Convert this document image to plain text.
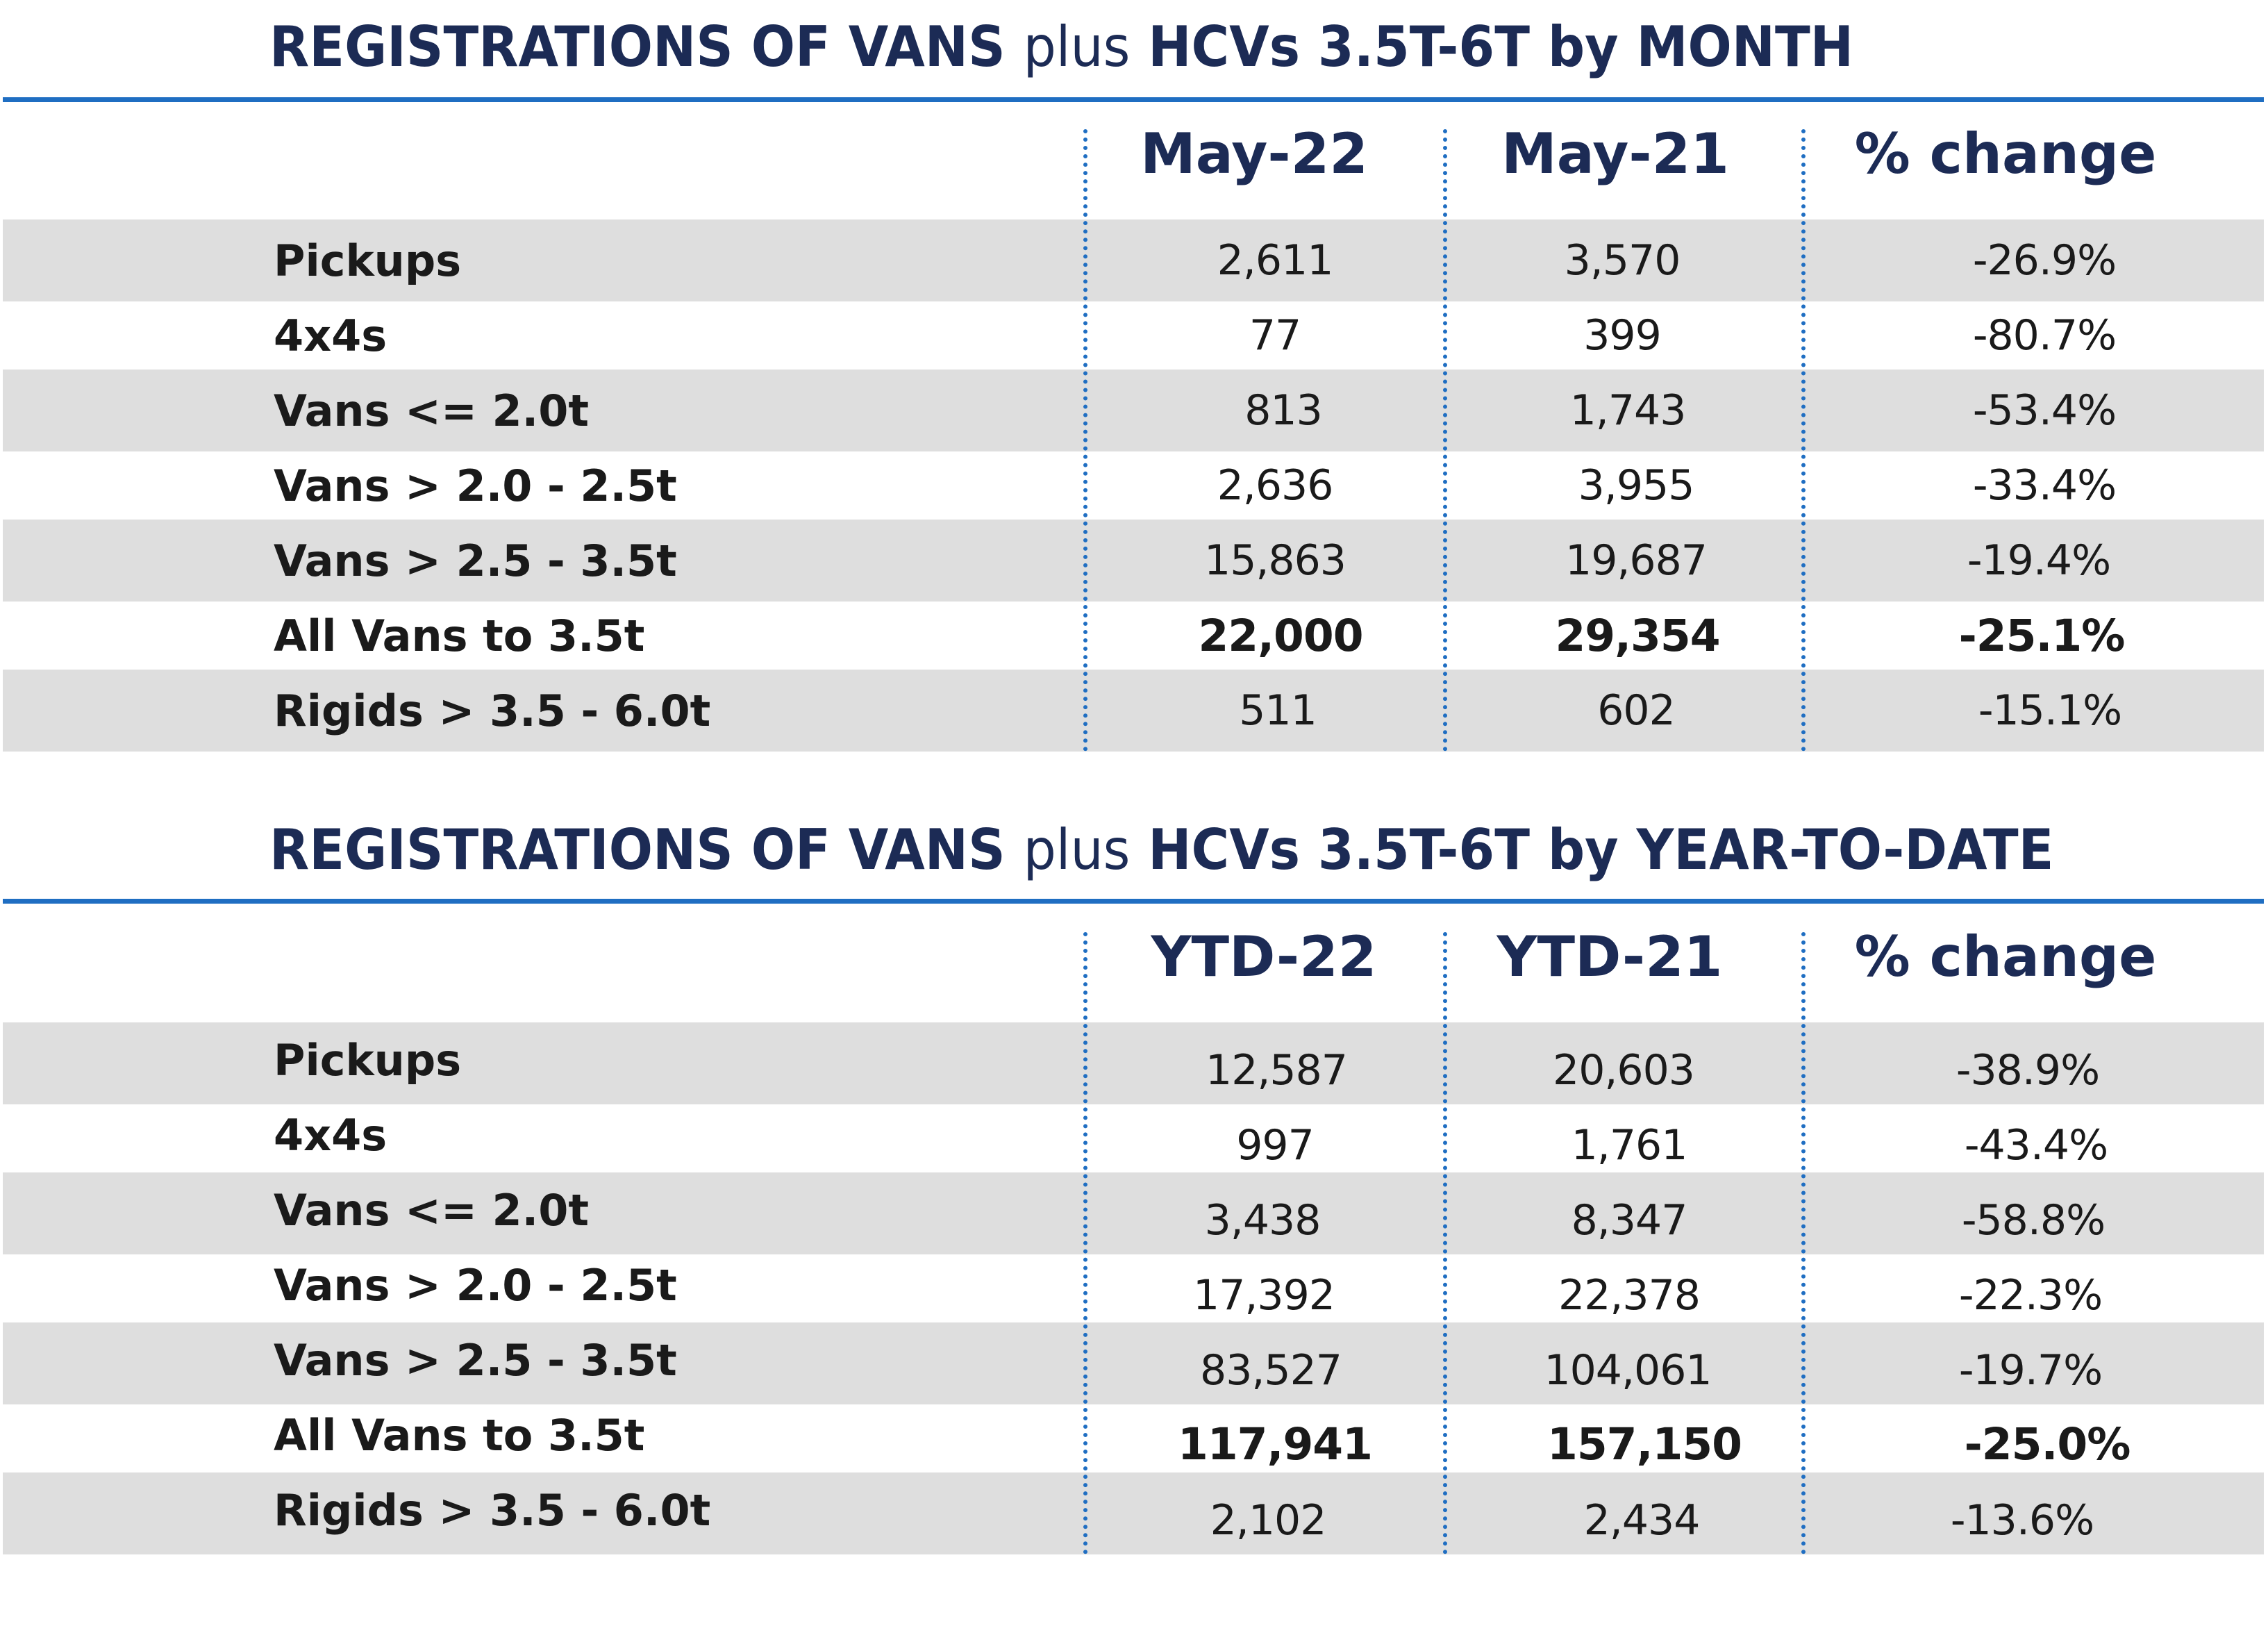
REGISTRATIONS OF VANS plus HCVs 3.5T-6T by MONTH
May-22	May-21	% change
Pickups	2,611	3,570	-26.9%
4x4s	77	399	-80.7%
Vans <= 2.0t	813	1,743	-53.4%
Vans > 2.0 - 2.5t	2,636	3,955	-33.4%
Vans > 2.5 - 3.5t	15,863	19,687	-19.4%
All Vans to 3.5t	22,000	29,354	-25.1%
Rigids > 3.5 - 6.0t	511	602	-15.1%
REGISTRATIONS OF VANS plus HCVs 3.5T-6T by YEAR-TO-DATE
YTD-22	YTD-21	% change
Pickups	12,587	20,603	-38.9%
4x4s	997	1,761	-43.4%
Vans <= 2.0t	3,438	8,347	-58.8%
Vans > 2.0 - 2.5t	17,392	22,378	-22.3%
Vans > 2.5 - 3.5t	83,527	104,061	-19.7%
All Vans to 3.5t	117,941	157,150	-25.0%
Rigids > 3.5 - 6.0t	2,102	2,434	-13.6%
